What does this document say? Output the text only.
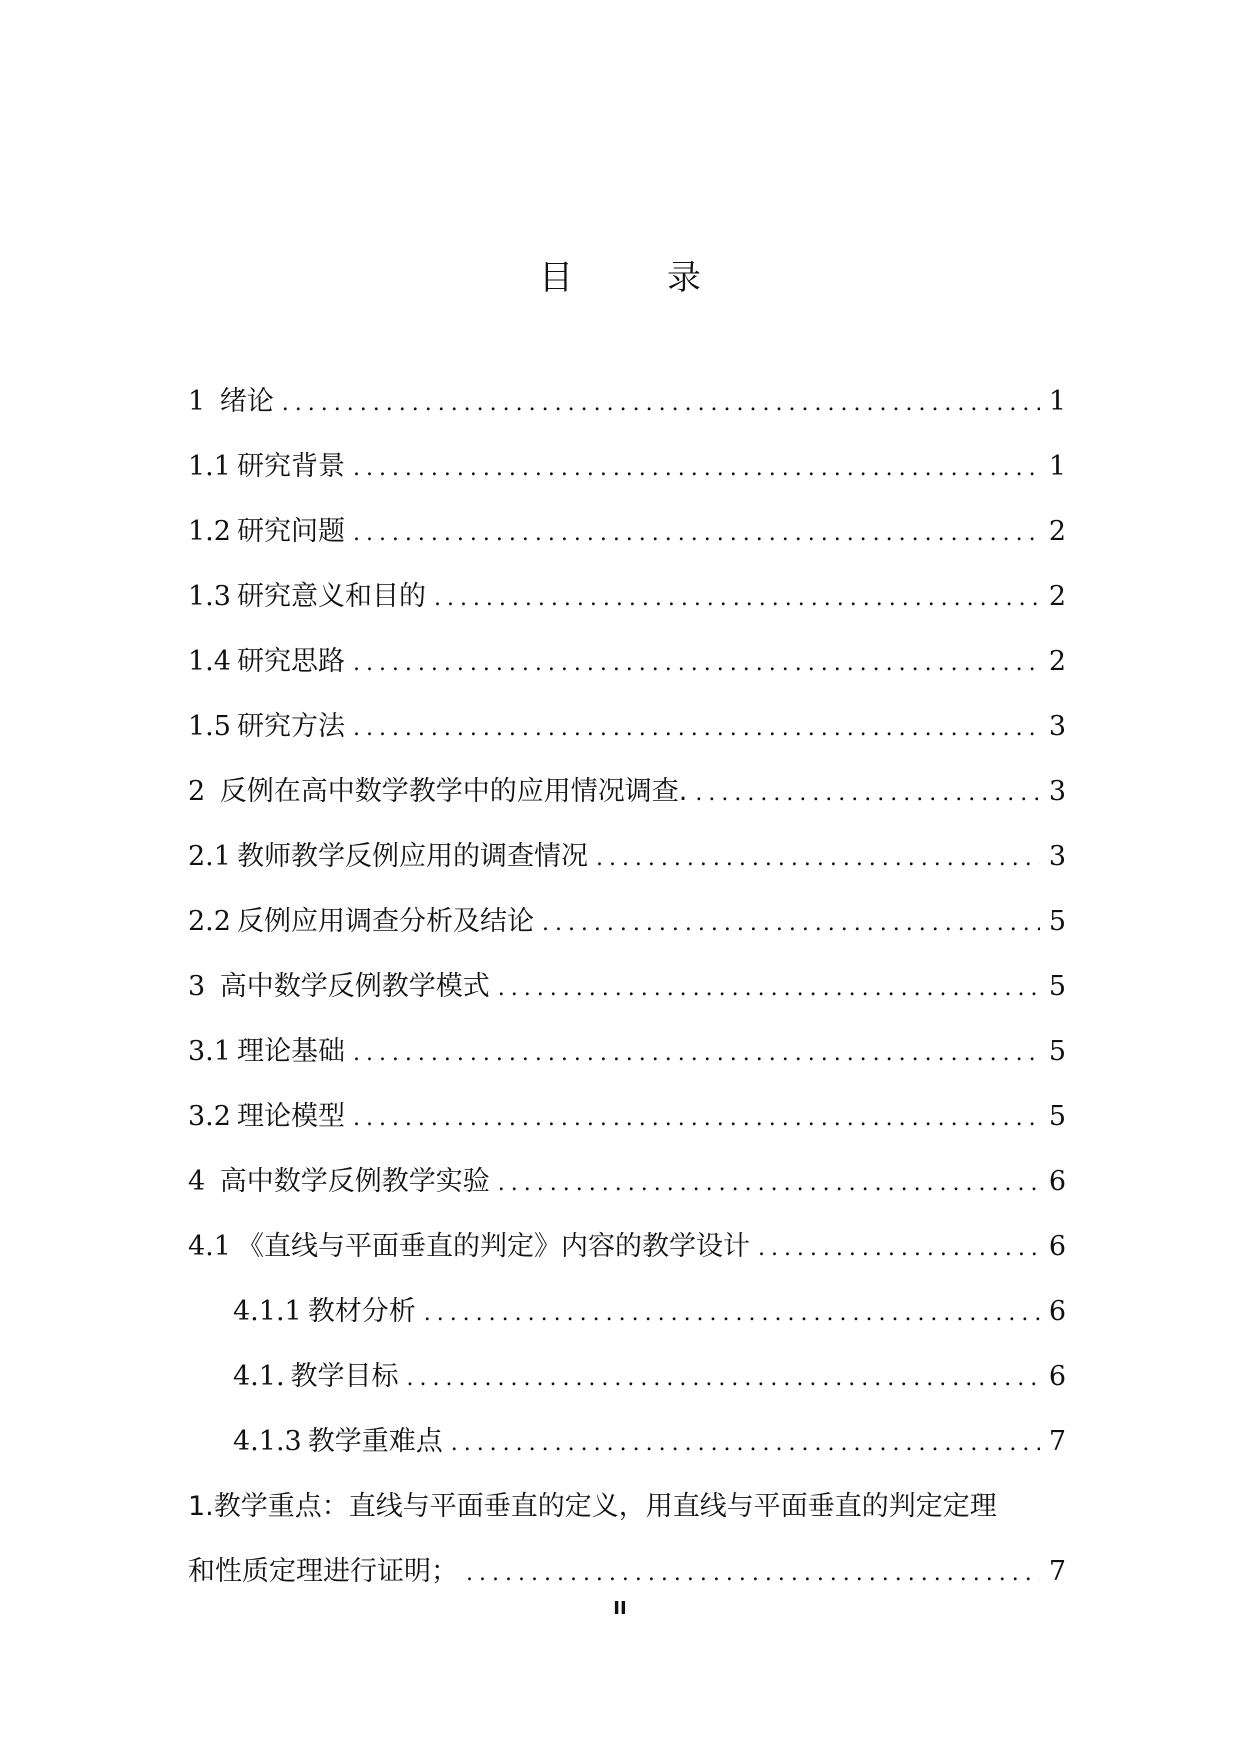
目　录
1 绪论 .....	1
1.1 研究背景 .....	1
1.2 研究问题 .....	2
1.3 研究意义和目的 .....	2
1.4 研究思路 .....	2
1.5 研究方法 .....	3
2 反例在高中数学教学中的应用情况调查. .....	3
2.1 教师教学反例应用的调查情况 .....	3
2.2 反例应用调查分析及结论 .....	5
3 高中数学反例教学模式 .....	5
3.1 理论基础 .....	5
3.2 理论模型 .....	5
4 高中数学反例教学实验 .....	6
4.1 《直线与平面垂直的判定》内容的教学设计 .....	6
4.1.1 教材分析 .....	6
4.1. 教学目标 .....	6
4.1.3 教学重难点 .....	7
1.教学重点：直线与平面垂直的定义，用直线与平面垂直的判定定理
和性质定理进行证明； .....	7
II
